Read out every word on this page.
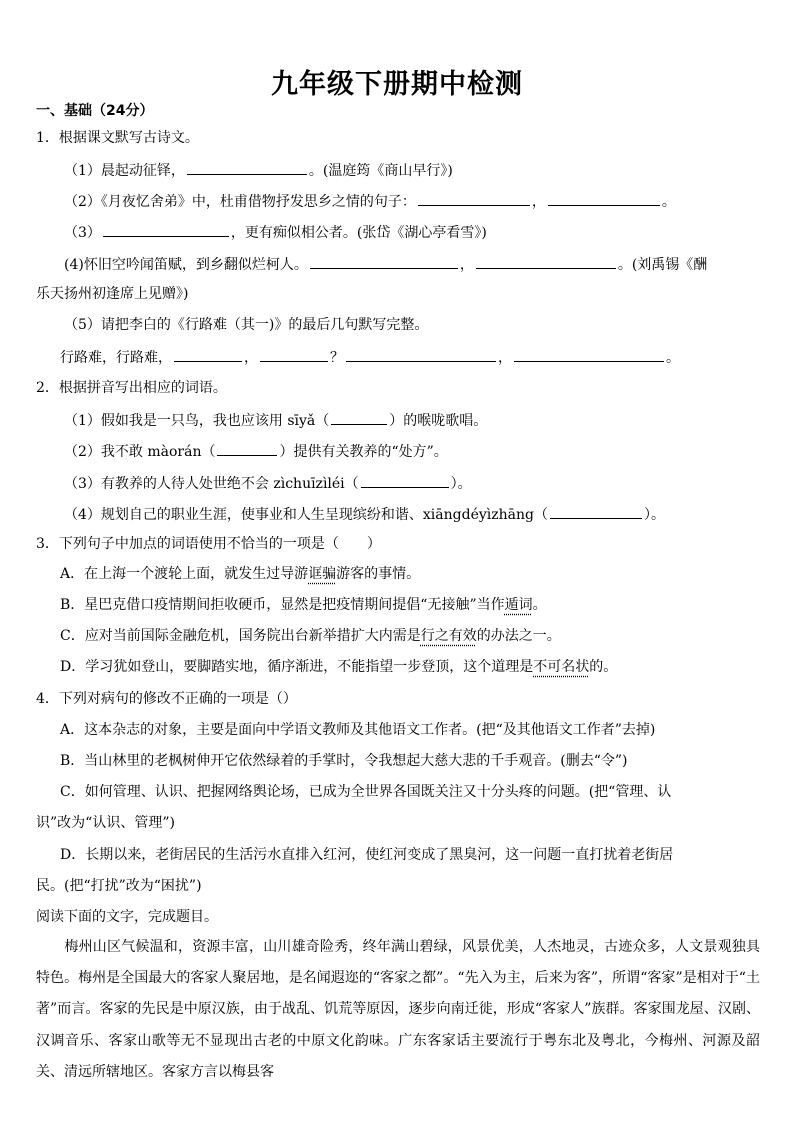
九年级下册期中检测
一、基础（24分）
1．根据课文默写古诗文。
（1）晨起动征铎，	。(温庭筠《商山早行》)
（2）《月夜忆舍弟》中，杜甫借物抒发思乡之情的句子：	，	。
（3）	，更有痴似相公者。(张岱《湖心亭看雪》)
(4)怀旧空吟闻笛赋，到乡翻似烂柯人。	，	。(刘禹锡《酬
乐天扬州初逢席上见赠》)
（5）请把李白的《行路难（其一)》的最后几句默写完整。
行路难，行路难，	，	？	，	。
2．根据拼音写出相应的词语。
（1）假如我是一只鸟，我也应该用 sīyǎ（	）的喉咙歌唱。
（2）我不敢 màorán（	）提供有关教养的“处方”。
（3）有教养的人待人处世绝不会 zìchuīzìléi（	）。
（4）规划自己的职业生涯，使事业和人生呈现缤纷和谐、xiāngdéyìzhāng（	）。
3．下列句子中加点的词语使用不恰当的一项是（　　）
A．在上海一个渡轮上面，就发生过导游诓骗游客的事情。
B．星巴克借口疫情期间拒收硬币，显然是把疫情期间提倡“无接触”当作遁词。
C．应对当前国际金融危机，国务院出台新举措扩大内需是行之有效的办法之一。
D．学习犹如登山，要脚踏实地，循序渐进，不能指望一步登顶，这个道理是不可名状的。
4．下列对病句的修改不正确的一项是（）
A．这本杂志的对象，主要是面向中学语文教师及其他语文工作者。(把“及其他语文工作者”去掉)
B．当山林里的老枫树伸开它依然绿着的手掌时，令我想起大慈大悲的千手观音。(删去“令”)
C．如何管理、认识、把握网络舆论场，已成为全世界各国既关注又十分头疼的问题。(把“管理、认
识”改为“认识、管理”)
D．长期以来，老街居民的生活污水直排入红河，使红河变成了黑臭河，这一问题一直打扰着老街居
民。(把“打扰”改为“困扰”)
阅读下面的文字，完成题目。
　　梅州山区气候温和，资源丰富，山川雄奇险秀，终年满山碧绿，风景优美，人杰地灵，古迹众多，人文景观独具特色。梅州是全国最大的客家人聚居地，是名闻遐迩的“客家之都”。“先入为主，后来为客”，所谓“客家”是相对于“土著”而言。客家的先民是中原汉族，由于战乱、饥荒等原因，逐步向南迁徙，形成“客家人”族群。客家围龙屋、汉剧、汉调音乐、客家山歌等无不显现出古老的中原文化韵味。广东客家话主要流行于粤东北及粤北，今梅州、河源及韶关、清远所辖地区。客家方言以梅县客
